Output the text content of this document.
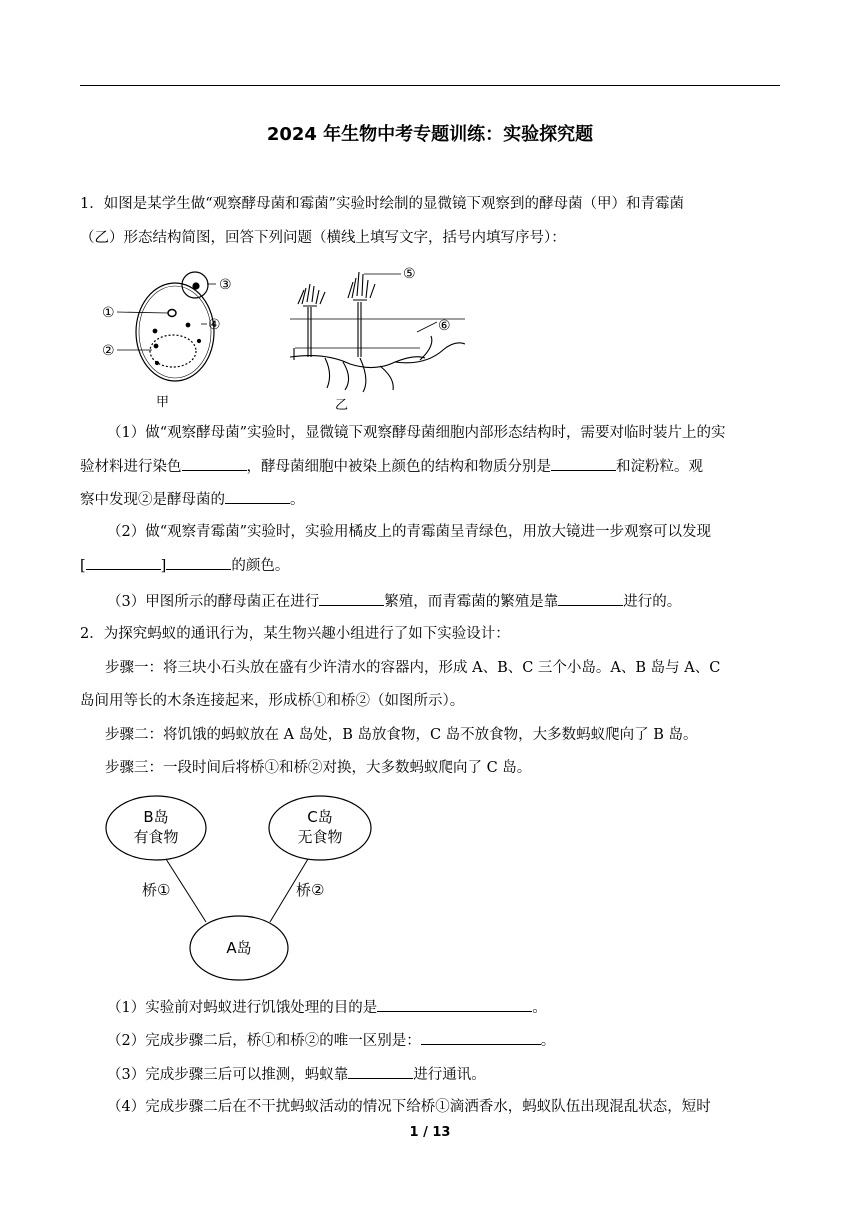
2024 年生物中考专题训练：实验探究题
1．如图是某学生做“观察酵母菌和霉菌”实验时绘制的显微镜下观察到的酵母菌（甲）和青霉菌
（乙）形态结构简图，回答下列问题（横线上填写文字，括号内填写序号）：
③
①
②
④
甲
⑤
⑥
乙
（1）做“观察酵母菌”实验时，显微镜下观察酵母菌细胞内部形态结构时，需要对临时装片上的实
验材料进行染色	，酵母菌细胞中被染上颜色的结构和物质分别是	和淀粉粒。观
察中发现②是酵母菌的	。
（2）做“观察青霉菌”实验时，实验用橘皮上的青霉菌呈青绿色，用放大镜进一步观察可以发现
[	]	的颜色。
（3）甲图所示的酵母菌正在进行	繁殖，而青霉菌的繁殖是靠	进行的。
2．为探究蚂蚁的通讯行为，某生物兴趣小组进行了如下实验设计：
步骤一：将三块小石头放在盛有少许清水的容器内，形成 A、B、C 三个小岛。A、B 岛与 A、C
岛间用等长的木条连接起来，形成桥①和桥②（如图所示）。
步骤二：将饥饿的蚂蚁放在 A 岛处，B 岛放食物，C 岛不放食物，大多数蚂蚁爬向了 B 岛。
步骤三：一段时间后将桥①和桥②对换，大多数蚂蚁爬向了 C 岛。
B岛
有食物
C岛
无食物
A岛
桥①	桥②
（1）实验前对蚂蚁进行饥饿处理的目的是	。
（2）完成步骤二后，桥①和桥②的唯一区别是：	。
（3）完成步骤三后可以推测，蚂蚁靠	进行通讯。
（4）完成步骤二后在不干扰蚂蚁活动的情况下给桥①滴洒香水，蚂蚁队伍出现混乱状态，短时
1 / 13
